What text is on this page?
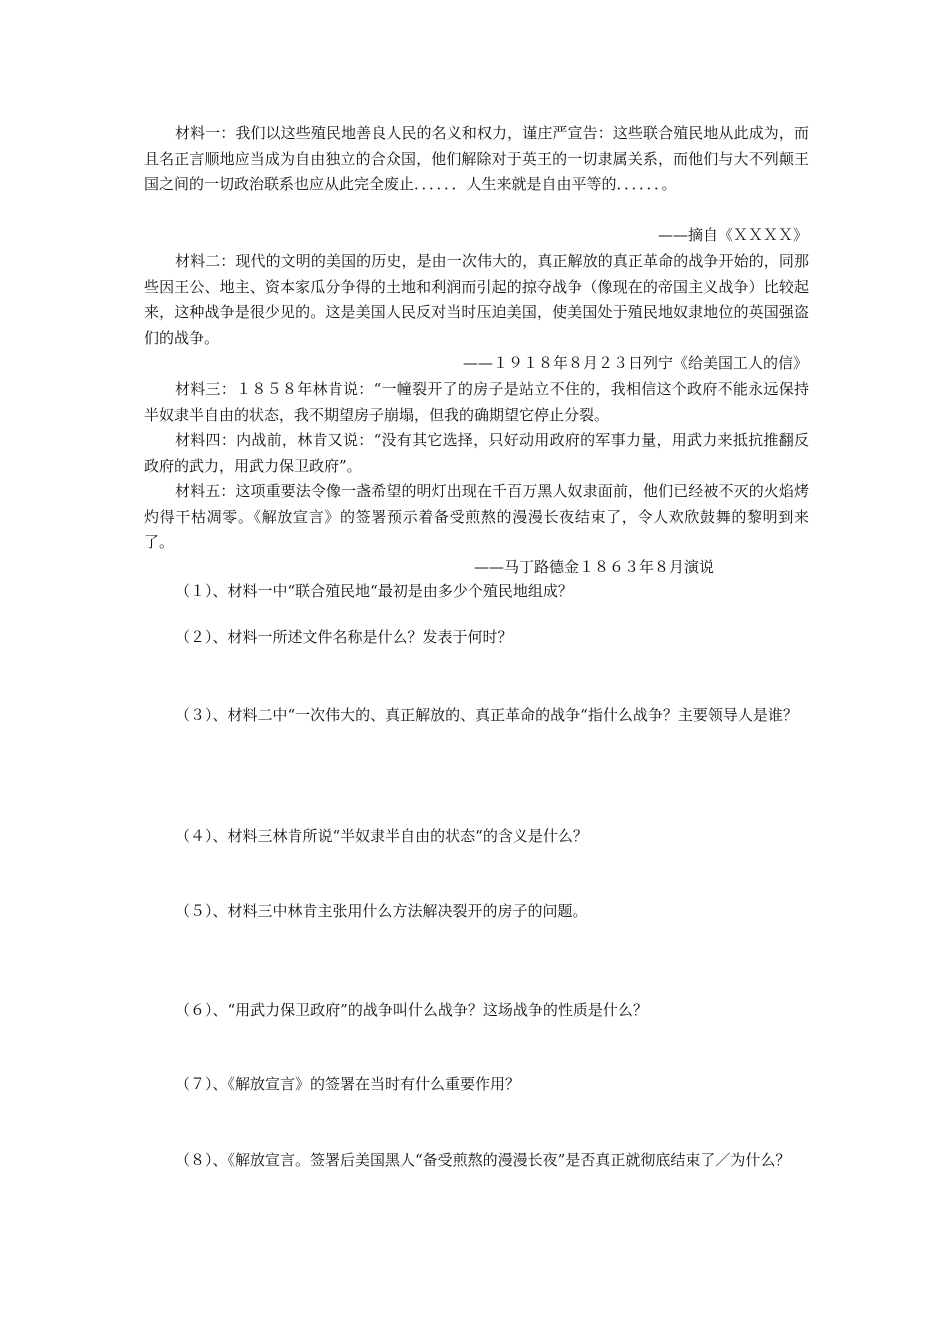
材料一：我们以这些殖民地善良人民的名义和权力，谨庄严宣告：这些联合殖民地从此成为，而且名正言顺地应当成为自由独立的合众国，他们解除对于英王的一切隶属关系，而他们与大不列颠王国之间的一切政治联系也应从此完全废止．．．．．．人生来就是自由平等的．．．．．．。

——摘自《ＸＸＸＸ》

材料二：现代的文明的美国的历史，是由一次伟大的，真正解放的真正革命的战争开始的，同那些因王公、地主、资本家瓜分争得的土地和利润而引起的掠夺战争（像现在的帝国主义战争）比较起来，这种战争是很少见的。这是美国人民反对当时压迫美国，使美国处于殖民地奴隶地位的英国强盗们的战争。

——１９１８年８月２３日列宁《给美国工人的信》

材料三：１８５８年林肯说：“一幢裂开了的房子是站立不住的，我相信这个政府不能永远保持半奴隶半自由的状态，我不期望房子崩塌，但我的确期望它停止分裂。

材料四：内战前，林肯又说：“没有其它选择，只好动用政府的军事力量，用武力来抵抗推翻反政府的武力，用武力保卫政府”。

材料五：这项重要法令像一盏希望的明灯出现在千百万黑人奴隶面前，他们已经被不灭的火焰烤灼得干枯凋零。《解放宣言》的签署预示着备受煎熬的漫漫长夜结束了，令人欢欣鼓舞的黎明到来了。

——马丁路德金１８６３年８月演说

（１）、材料一中“联合殖民地“最初是由多少个殖民地组成？

（２）、材料一所述文件名称是什么？发表于何时？

（３）、材料二中“一次伟大的、真正解放的、真正革命的战争“指什么战争？主要领导人是谁？

（４）、材料三林肯所说“半奴隶半自由的状态“的含义是什么？

（５）、材料三中林肯主张用什么方法解决裂开的房子的问题。

（６）、“用武力保卫政府”的战争叫什么战争？这场战争的性质是什么？

（７）、《解放宣言》的签署在当时有什么重要作用？

（８）、《解放宣言。签署后美国黑人“备受煎熬的漫漫长夜”是否真正就彻底结束了／为什么？
